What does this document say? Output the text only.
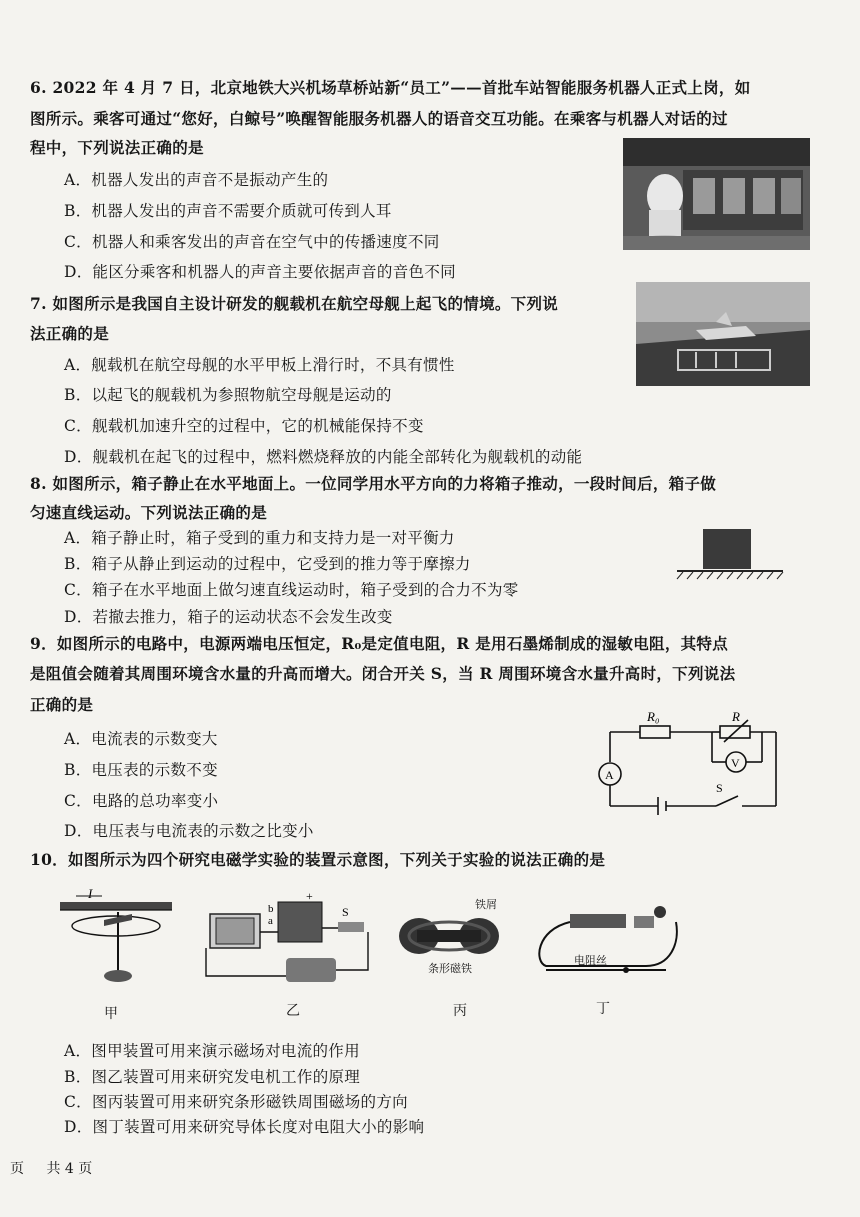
6. 2022 年 4 月 7 日，北京地铁大兴机场草桥站新“员工”——首批车站智能服务机器人正式上岗，如
图所示。乘客可通过“您好，白鲸号”唤醒智能服务机器人的语音交互功能。在乘客与机器人对话的过
程中，下列说法正确的是
A．机器人发出的声音不是振动产生的
B．机器人发出的声音不需要介质就可传到人耳
C．机器人和乘客发出的声音在空气中的传播速度不同
D．能区分乘客和机器人的声音主要依据声音的音色不同
7. 如图所示是我国自主设计研发的舰载机在航空母舰上起飞的情境。下列说
法正确的是
A．舰载机在航空母舰的水平甲板上滑行时，不具有惯性
B．以起飞的舰载机为参照物航空母舰是运动的
C．舰载机加速升空的过程中，它的机械能保持不变
D．舰载机在起飞的过程中，燃料燃烧释放的内能全部转化为舰载机的动能
8. 如图所示，箱子静止在水平地面上。一位同学用水平方向的力将箱子推动，一段时间后，箱子做
匀速直线运动。下列说法正确的是
A．箱子静止时，箱子受到的重力和支持力是一对平衡力
B．箱子从静止到运动的过程中，它受到的推力等于摩擦力
C．箱子在水平地面上做匀速直线运动时，箱子受到的合力不为零
D．若撤去推力，箱子的运动状态不会发生改变
9．如图所示的电路中，电源两端电压恒定，R₀是定值电阻，R 是用石墨烯制成的湿敏电阻，其特点
是阻值会随着其周围环境含水量的升高而增大。闭合开关 S，当 R 周围环境含水量升高时，下列说法
正确的是
A．电流表的示数变大
B．电压表的示数不变
C．电路的总功率变小
D．电压表与电流表的示数之比变小
R₀	R
A
V
S
10．如图所示为四个研究电磁学实验的装置示意图，下列关于实验的说法正确的是
I
甲
+
a
b	S
乙
铁屑
条形磁铁
丙
电阻丝
丁
A．图甲装置可用来演示磁场对电流的作用
B．图乙装置可用来研究发电机工作的原理
C．图丙装置可用来研究条形磁铁周围磁场的方向
D．图丁装置可用来研究导体长度对电阻大小的影响
页 共 4 页
